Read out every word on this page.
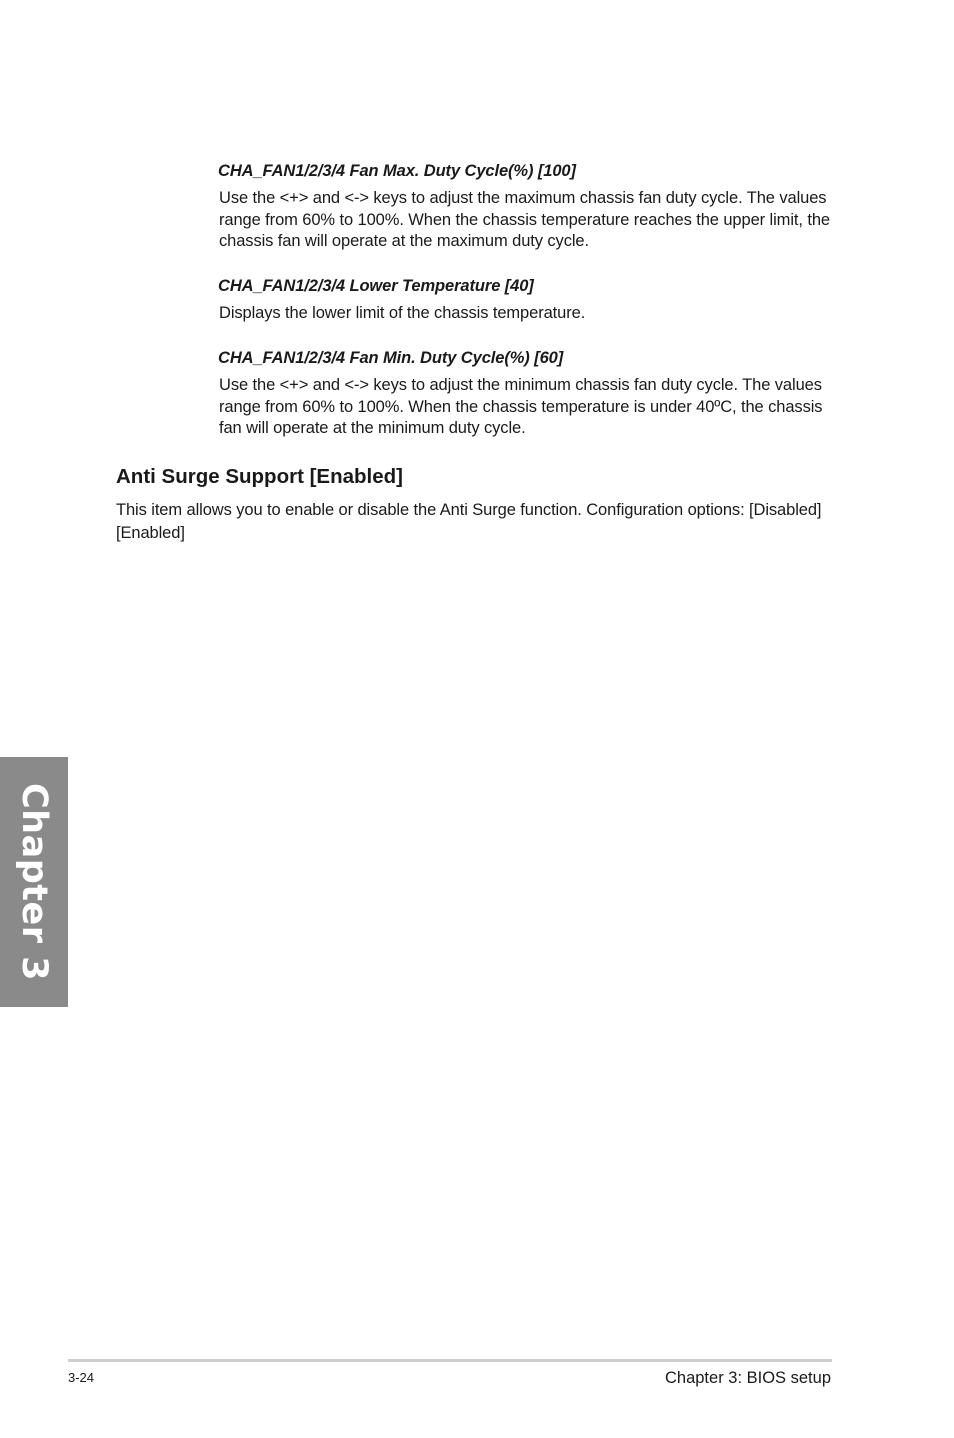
CHA_FAN1/2/3/4 Fan Max. Duty Cycle(%) [100]

Use the <+> and <-> keys to adjust the maximum chassis fan duty cycle. The values range from 60% to 100%. When the chassis temperature reaches the upper limit, the chassis fan will operate at the maximum duty cycle.

CHA_FAN1/2/3/4 Lower Temperature [40]

Displays the lower limit of the chassis temperature.

CHA_FAN1/2/3/4 Fan Min. Duty Cycle(%) [60]

Use the <+> and <-> keys to adjust the minimum chassis fan duty cycle. The values range from 60% to 100%. When the chassis temperature is under 40ºC, the chassis fan will operate at the minimum duty cycle.

Anti Surge Support [Enabled]

This item allows you to enable or disable the Anti Surge function. Configuration options: [Disabled] [Enabled]

Chapter 3
3-24	Chapter 3: BIOS setup
